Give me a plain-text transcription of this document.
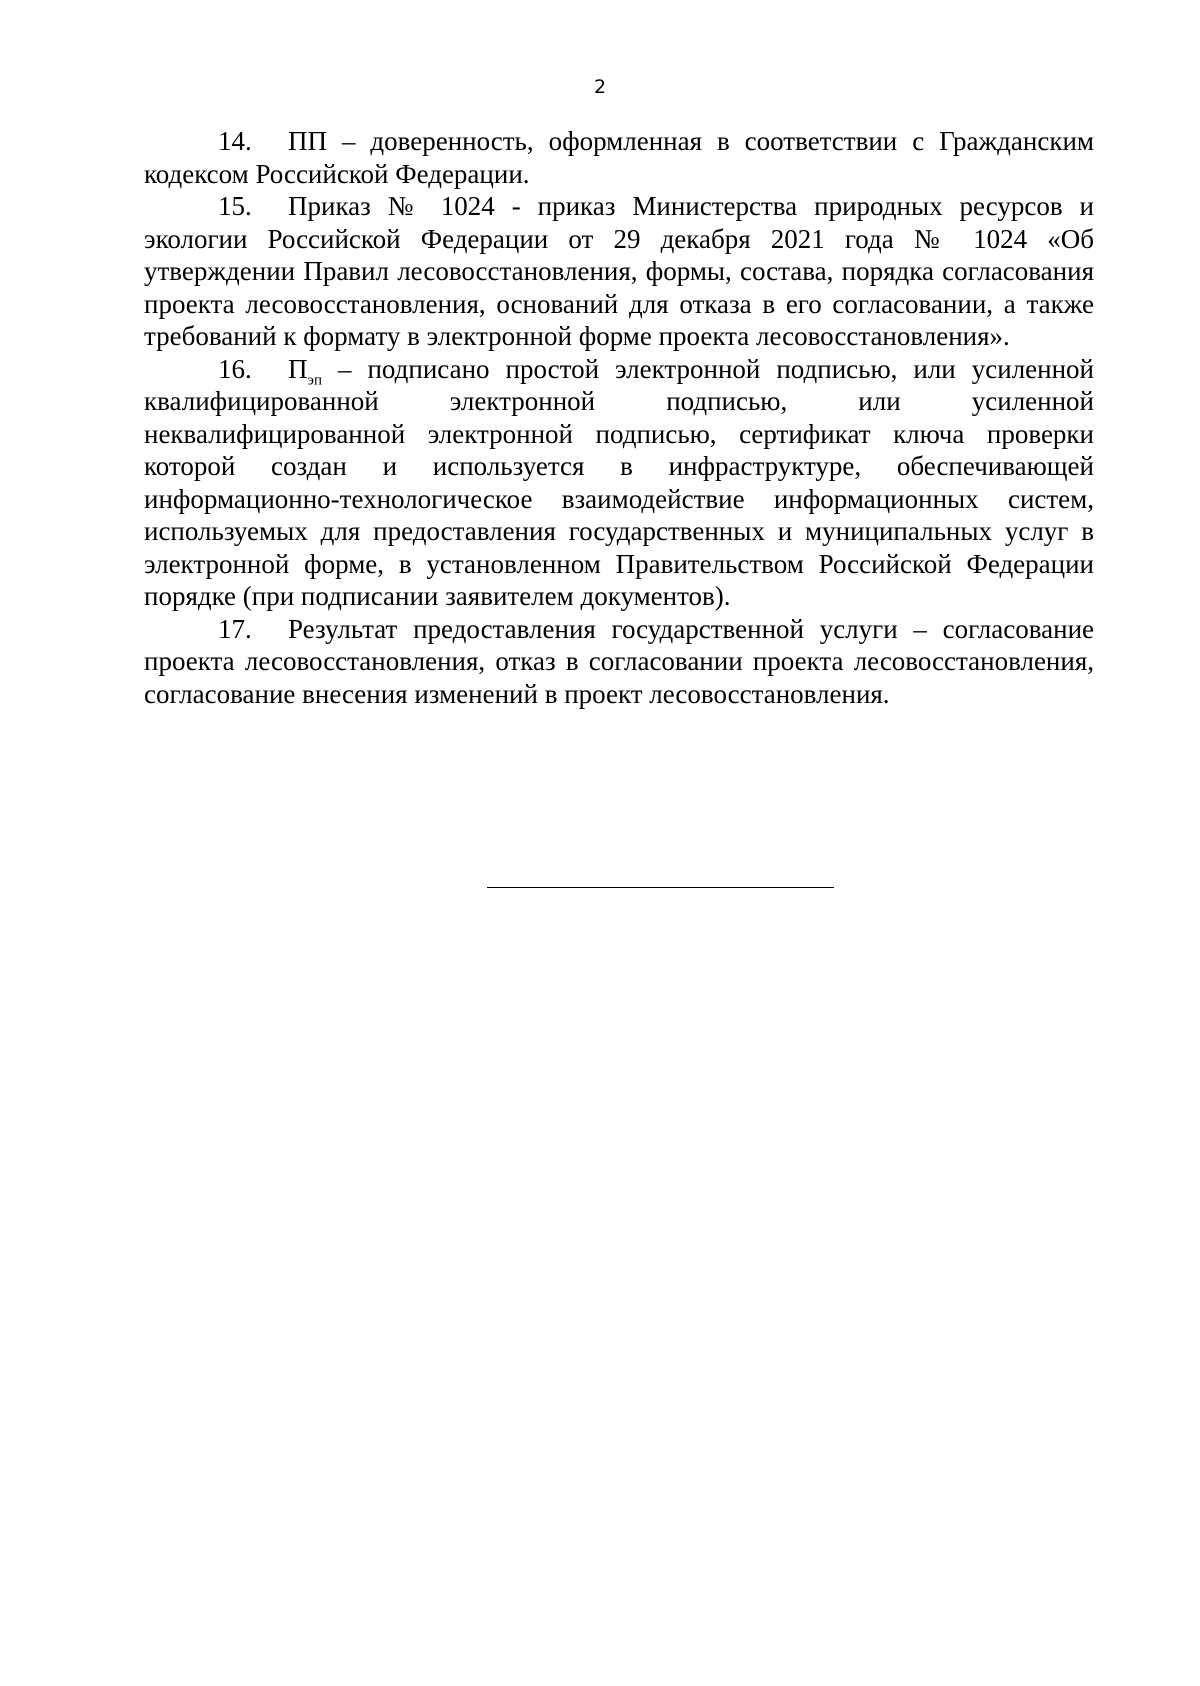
2

14. ПП – доверенность, оформленная в соответствии с Гражданским кодексом Российской Федерации.

15. Приказ № 1024 - приказ Министерства природных ресурсов и экологии Российской Федерации от 29 декабря 2021 года № 1024 «Об утверждении Правил лесовосстановления, формы, состава, порядка согласования проекта лесовосстановления, оснований для отказа в его согласовании, а также требований к формату в электронной форме проекта лесовосстановления».

16. $П_{эп}$ – подписано простой электронной подписью, или усиленной квалифицированной электронной подписью, или усиленной неквалифицированной электронной подписью, сертификат ключа проверки которой создан и используется в инфраструктуре, обеспечивающей информационно-технологическое взаимодействие информационных систем, используемых для предоставления государственных и муниципальных услуг в электронной форме, в установленном Правительством Российской Федерации порядке (при подписании заявителем документов).

17. Результат предоставления государственной услуги – согласование проекта лесовосстановления, отказ в согласовании проекта лесовосстановления, согласование внесения изменений в проект лесовосстановления.
